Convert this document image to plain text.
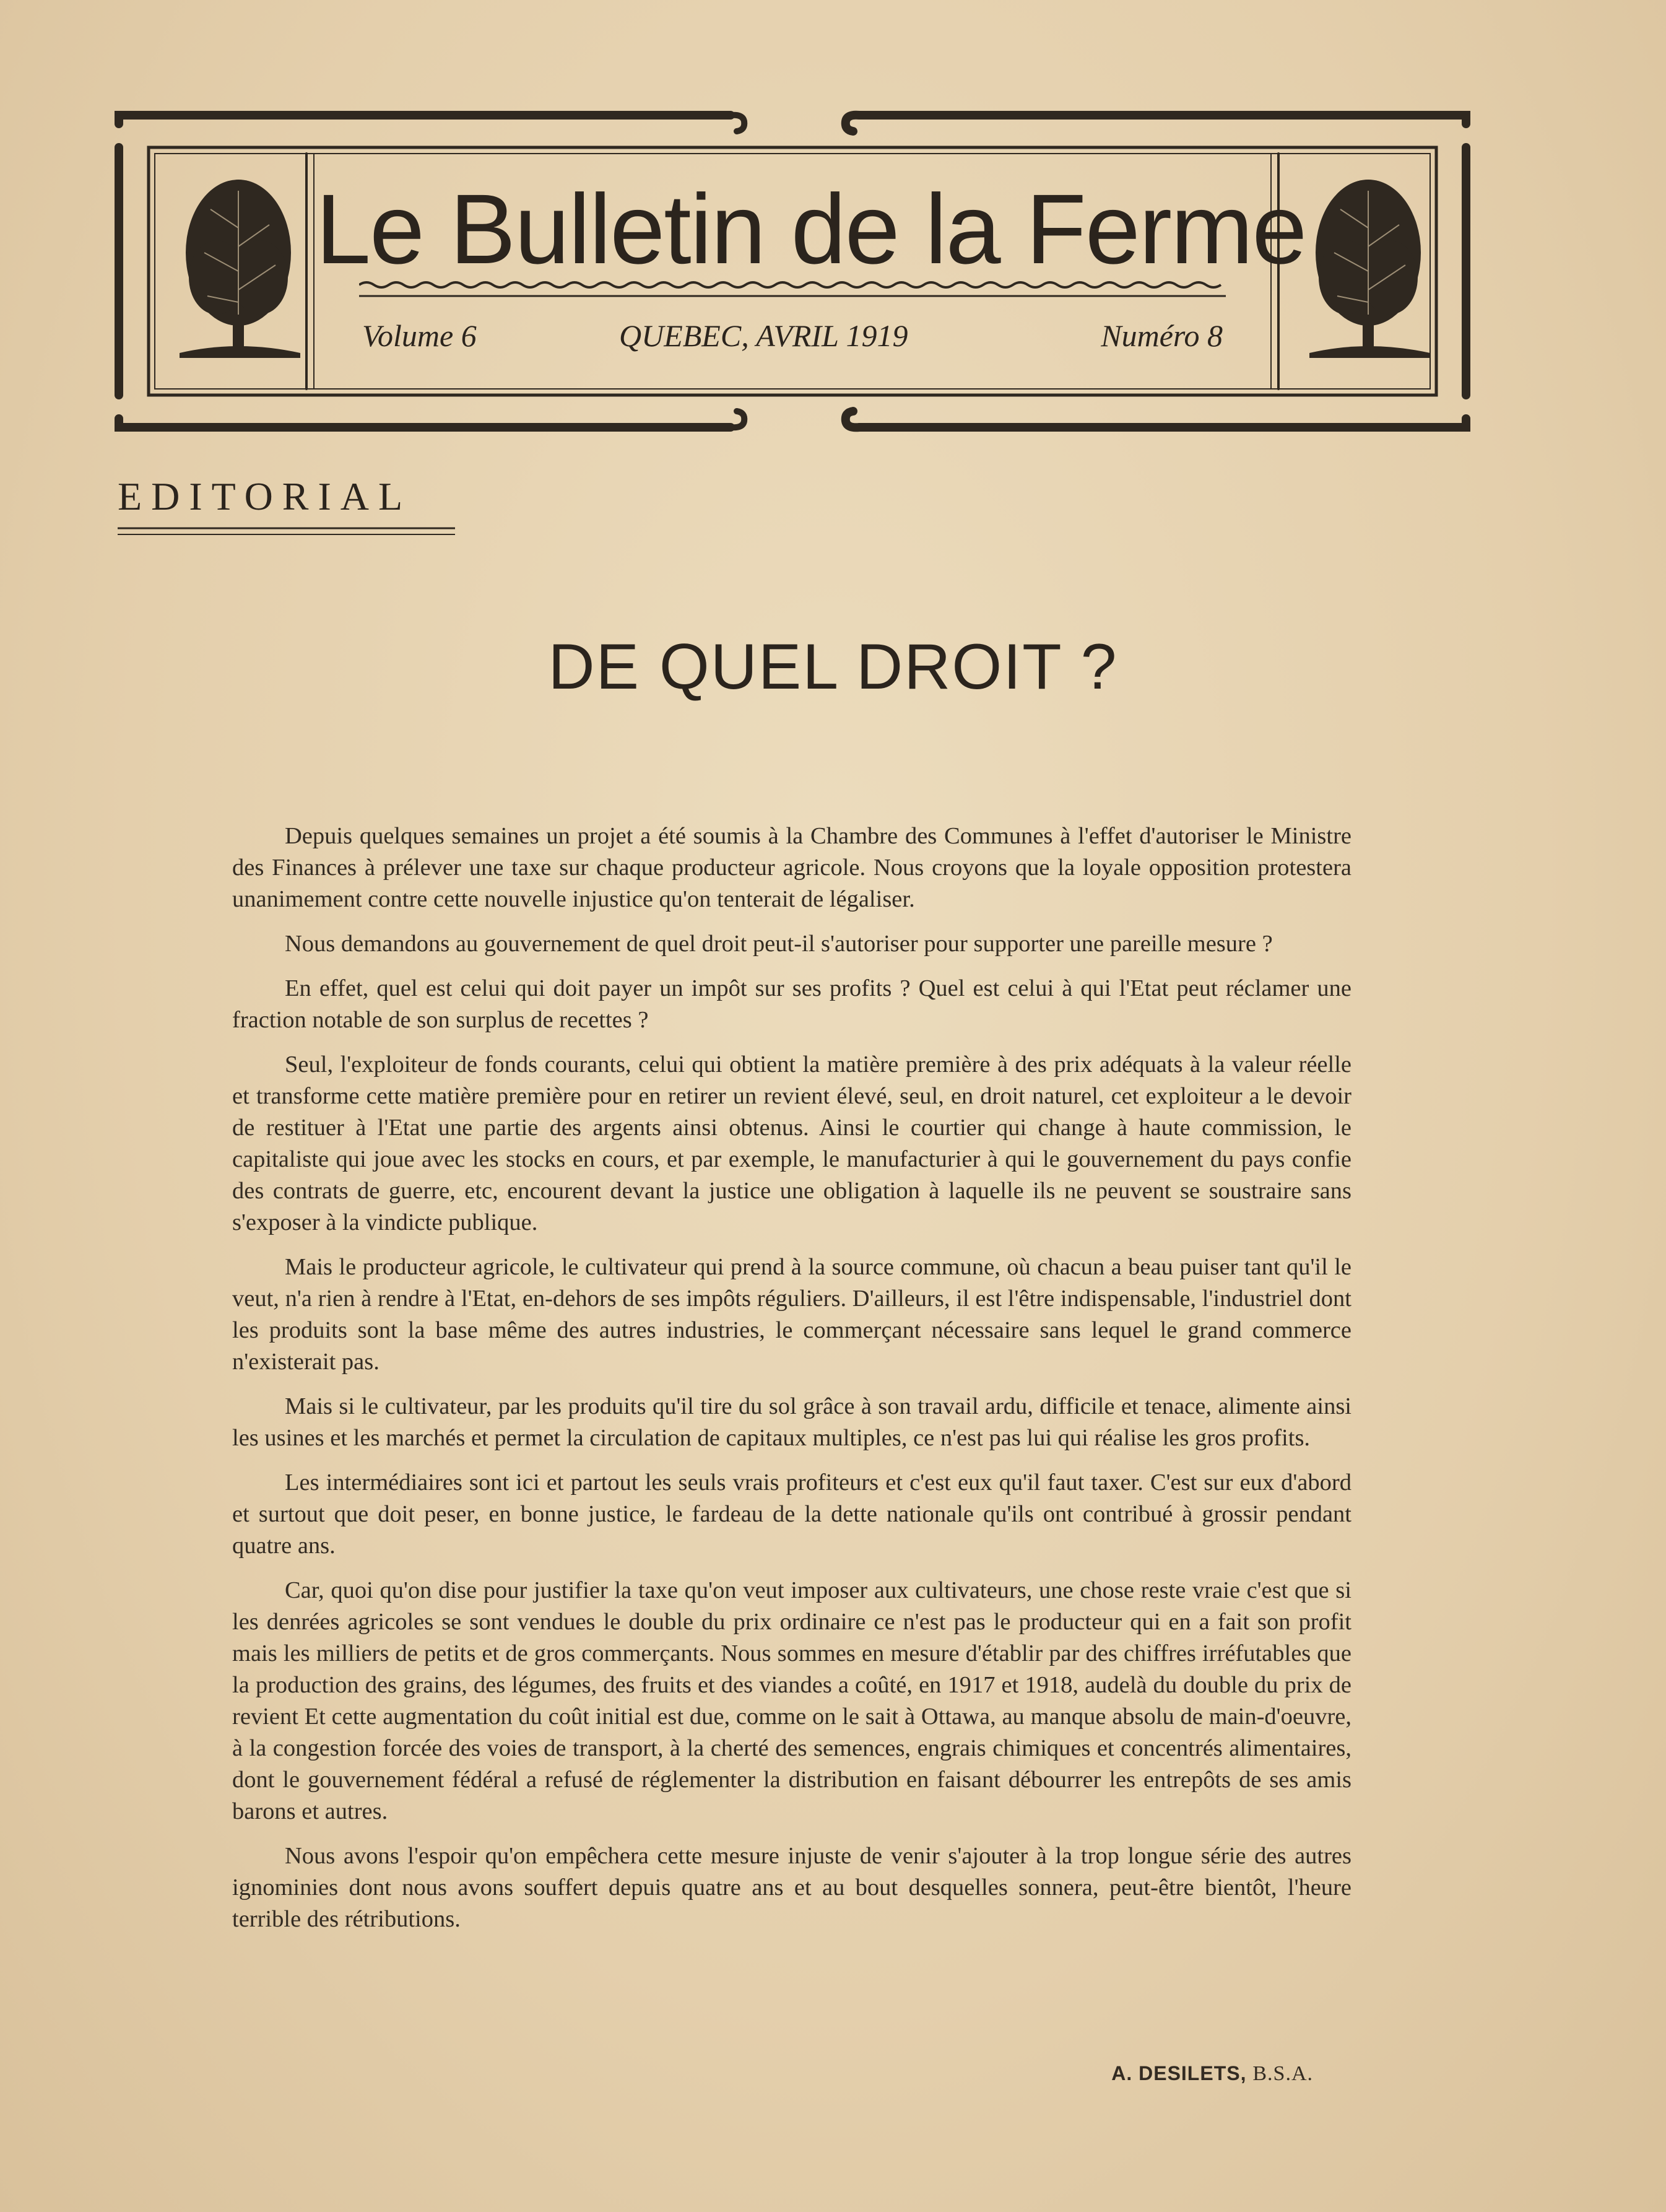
Le Bulletin de la Ferme
Volume 6	QUEBEC, AVRIL 1919	Numéro 8
EDITORIAL
DE QUEL DROIT ?

Depuis quelques semaines un projet a été soumis à la Chambre des Communes à l'effet d'autoriser le Ministre des Finances à prélever une taxe sur chaque producteur agricole. Nous croyons que la loyale opposition protestera unanimement contre cette nouvelle injustice qu'on tenterait de légaliser.

Nous demandons au gouvernement de quel droit peut-il s'autoriser pour supporter une pareille mesure ?

En effet, quel est celui qui doit payer un impôt sur ses profits ? Quel est celui à qui l'Etat peut réclamer une fraction notable de son surplus de recettes ?

Seul, l'exploiteur de fonds courants, celui qui obtient la matière première à des prix adéquats à la valeur réelle et transforme cette matière première pour en retirer un revient élevé, seul, en droit naturel, cet exploiteur a le devoir de restituer à l'Etat une partie des argents ainsi obtenus. Ainsi le courtier qui change à haute commission, le capitaliste qui joue avec les stocks en cours, et par exemple, le manufacturier à qui le gouvernement du pays confie des contrats de guerre, etc, encourent devant la justice une obligation à laquelle ils ne peuvent se soustraire sans s'exposer à la vindicte publique.

Mais le producteur agricole, le cultivateur qui prend à la source commune, où chacun a beau puiser tant qu'il le veut, n'a rien à rendre à l'Etat, en-dehors de ses impôts réguliers. D'ailleurs, il est l'être indispensable, l'industriel dont les produits sont la base même des autres industries, le commerçant nécessaire sans lequel le grand commerce n'existerait pas.

Mais si le cultivateur, par les produits qu'il tire du sol grâce à son travail ardu, difficile et tenace, alimente ainsi les usines et les marchés et permet la circulation de capitaux multiples, ce n'est pas lui qui réalise les gros profits.

Les intermédiaires sont ici et partout les seuls vrais profiteurs et c'est eux qu'il faut taxer. C'est sur eux d'abord et surtout que doit peser, en bonne justice, le fardeau de la dette nationale qu'ils ont contribué à grossir pendant quatre ans.

Car, quoi qu'on dise pour justifier la taxe qu'on veut imposer aux cultivateurs, une chose reste vraie c'est que si les denrées agricoles se sont vendues le double du prix ordinaire ce n'est pas le producteur qui en a fait son profit mais les milliers de petits et de gros commerçants. Nous sommes en mesure d'établir par des chiffres irréfutables que la production des grains, des légumes, des fruits et des viandes a coûté, en 1917 et 1918, audelà du double du prix de revient Et cette augmentation du coût initial est due, comme on le sait à Ottawa, au manque absolu de main-d'oeuvre, à la congestion forcée des voies de transport, à la cherté des semences, engrais chimiques et concentrés alimentaires, dont le gouvernement fédéral a refusé de réglementer la distribution en faisant débourrer les entrepôts de ses amis barons et autres.

Nous avons l'espoir qu'on empêchera cette mesure injuste de venir s'ajouter à la trop longue série des autres ignominies dont nous avons souffert depuis quatre ans et au bout desquelles sonnera, peut-être bientôt, l'heure terrible des rétributions.

A. DESILETS, B.S.A.
